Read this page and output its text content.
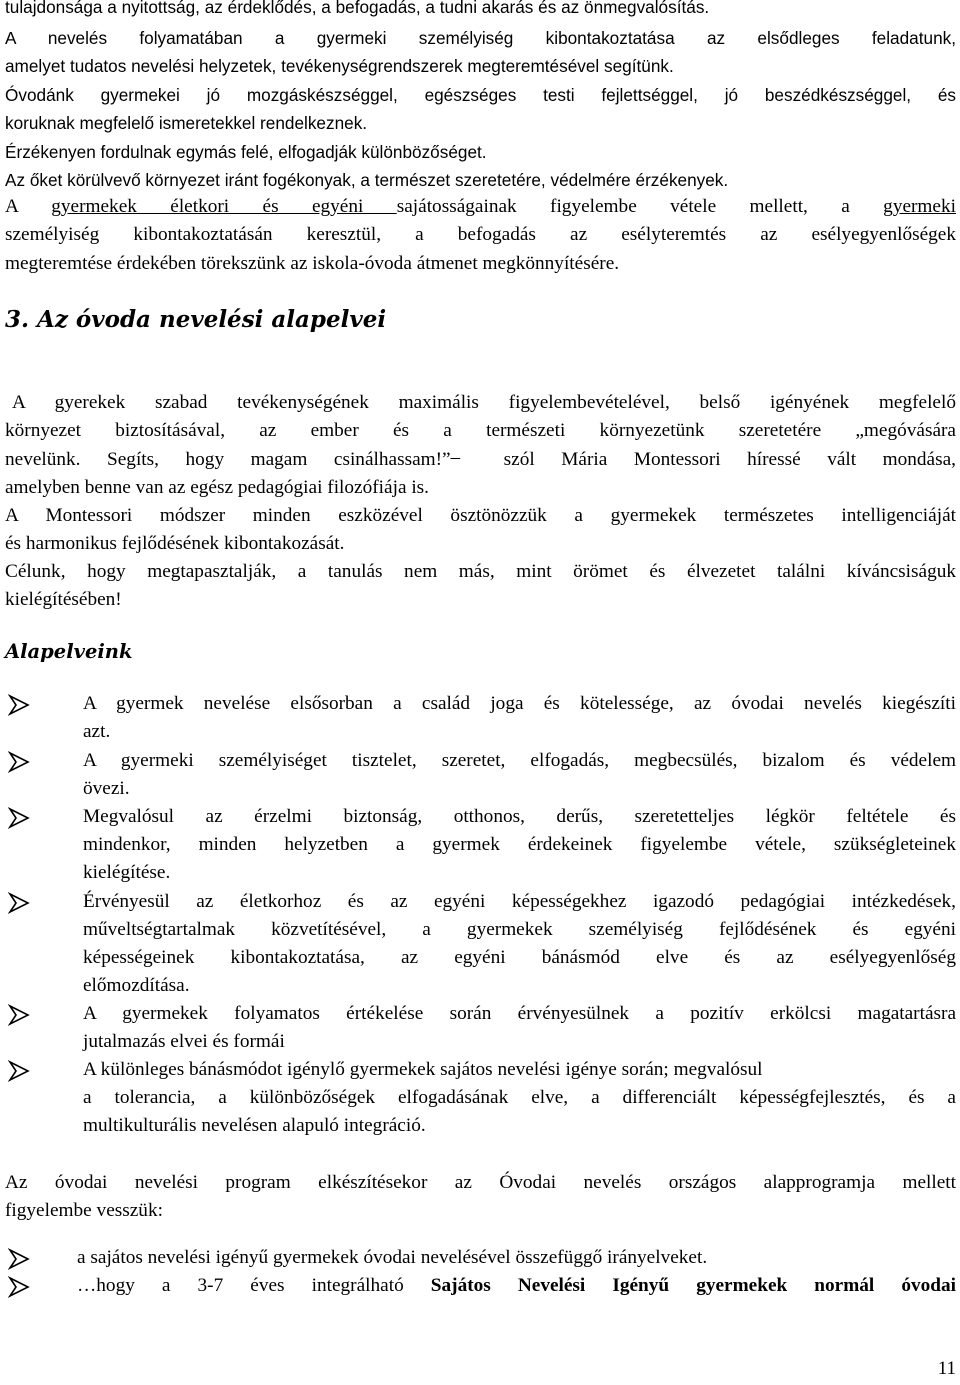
tulajdonsága a nyitottság, az érdeklődés, a befogadás, a tudni akarás és az önmegvalósítás.
A nevelés folyamatában a gyermeki személyiség kibontakoztatása az elsődleges feladatunk,
amelyet tudatos nevelési helyzetek, tevékenységrendszerek megteremtésével segítünk.
Óvodánk gyermekei jó mozgáskészséggel, egészséges testi fejlettséggel, jó beszédkészséggel, és
koruknak megfelelő ismeretekkel rendelkeznek.
Érzékenyen fordulnak egymás felé, elfogadják különbözőséget.
Az őket körülvevő környezet iránt fogékonyak, a természet szeretetére, védelmére érzékenyek.
A gyermekek életkori és egyéni sajátosságainak figyelembe vétele mellett, a gyermeki
személyiség kibontakoztatásán keresztül, a befogadás az esélyteremtés az esélyegyenlőségek
megteremtése érdekében törekszünk az iskola-óvoda átmenet megkönnyítésére.
3. Az óvoda nevelési alapelvei
A gyerekek szabad tevékenységének maximális figyelembevételével, belső igényének megfelelő
környezet biztosításával, az ember és a természeti környezetünk szeretetére „megóvására
nevelünk. Segíts, hogy magam csinálhassam!” ̶ szól Mária Montessori híressé vált mondása,
amelyben benne van az egész pedagógiai filozófiája is.
A Montessori módszer minden eszközével ösztönözzük a gyermekek természetes intelligenciáját
és harmonikus fejlődésének kibontakozását.
Célunk, hogy megtapasztalják, a tanulás nem más, mint örömet és élvezetet találni kíváncsiságuk
kielégítésében!
Alapelveink
A gyermek nevelése elsősorban a család joga és kötelessége, az óvodai nevelés kiegészíti
azt.
A gyermeki személyiséget tisztelet, szeretet, elfogadás, megbecsülés, bizalom és védelem
övezi.
Megvalósul az érzelmi biztonság, otthonos, derűs, szeretetteljes légkör feltétele és
mindenkor, minden helyzetben a gyermek érdekeinek figyelembe vétele, szükségleteinek
kielégítése.
Érvényesül az életkorhoz és az egyéni képességekhez igazodó pedagógiai intézkedések,
műveltségtartalmak közvetítésével, a gyermekek személyiség fejlődésének és egyéni
képességeinek kibontakoztatása, az egyéni bánásmód elve és az esélyegyenlőség
előmozdítása.
A gyermekek folyamatos értékelése során érvényesülnek a pozitív erkölcsi magatartásra
jutalmazás elvei és formái
A különleges bánásmódot igénylő gyermekek sajátos nevelési igénye során; megvalósul
a tolerancia, a különbözőségek elfogadásának elve, a differenciált képességfejlesztés, és a
multikulturális nevelésen alapuló integráció.
Az óvodai nevelési program elkészítésekor az Óvodai nevelés országos alapprogramja mellett
figyelembe vesszük:
a sajátos nevelési igényű gyermekek óvodai nevelésével összefüggő irányelveket.
…hogy a 3-7 éves integrálható Sajátos Nevelési Igényű gyermekek normál óvodai
11
